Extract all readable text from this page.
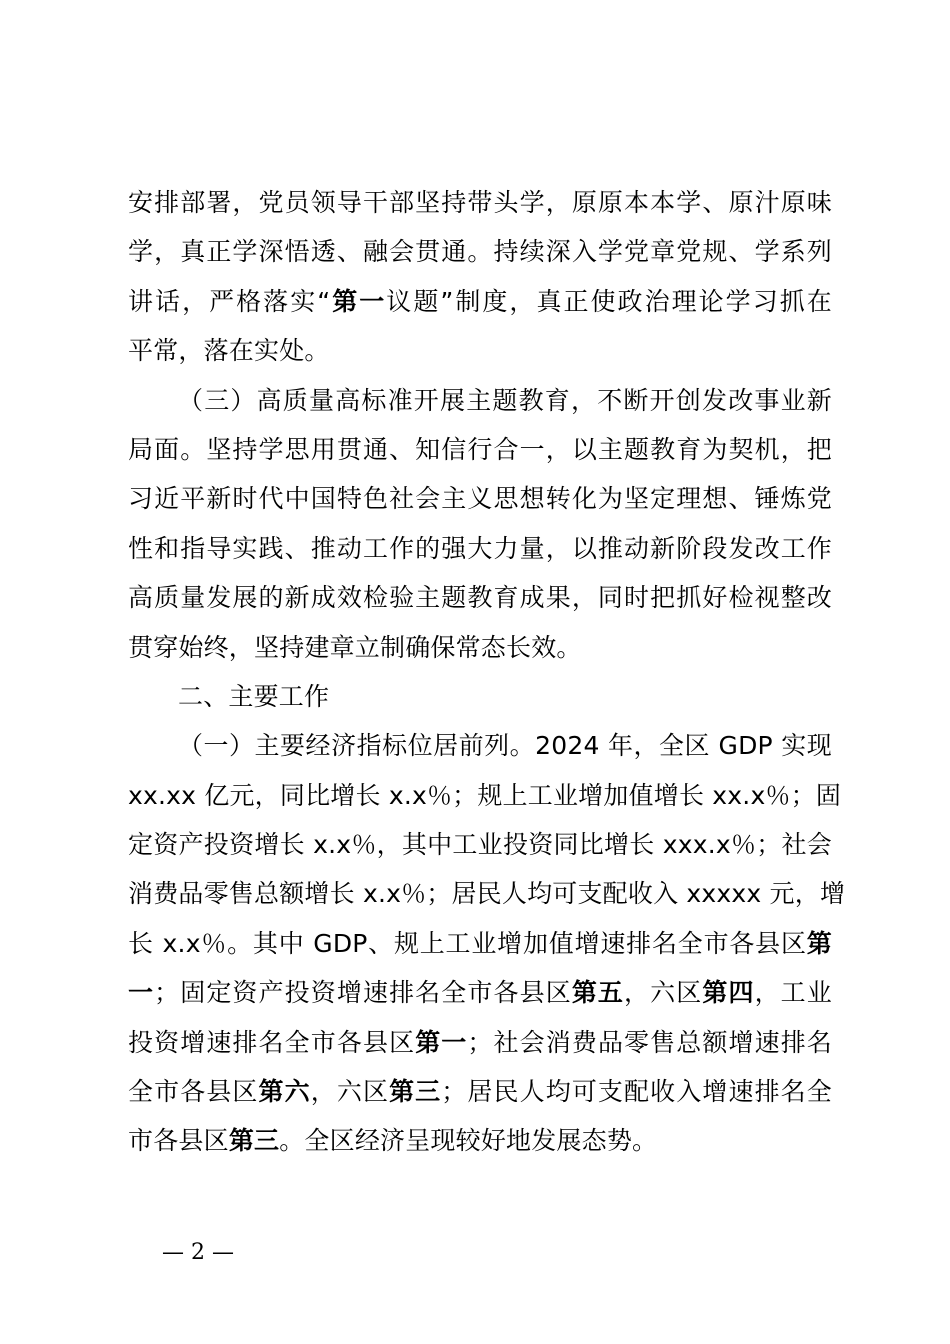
安排部署，党员领导干部坚持带头学，原原本本学、原汁原味
学，真正学深悟透、融会贯通。持续深入学党章党规、学系列
讲话，严格落实“第一议题”制度，真正使政治理论学习抓在
平常，落在实处。
（三）高质量高标准开展主题教育，不断开创发改事业新
局面。坚持学思用贯通、知信行合一，以主题教育为契机，把
习近平新时代中国特色社会主义思想转化为坚定理想、锤炼党
性和指导实践、推动工作的强大力量，以推动新阶段发改工作
高质量发展的新成效检验主题教育成果，同时把抓好检视整改
贯穿始终，坚持建章立制确保常态长效。
二、主要工作
（一）主要经济指标位居前列。2024 年，全区 GDP 实现
xx.xx 亿元，同比增长 x.x％；规上工业增加值增长 xx.x％；固
定资产投资增长 x.x％，其中工业投资同比增长 xxx.x％；社会
消费品零售总额增长 x.x％；居民人均可支配收入 xxxxx 元，增
长 x.x％。其中 GDP、规上工业增加值增速排名全市各县区第
一；固定资产投资增速排名全市各县区第五，六区第四，工业
投资增速排名全市各县区第一；社会消费品零售总额增速排名
全市各县区第六，六区第三；居民人均可支配收入增速排名全
市各县区第三。全区经济呈现较好地发展态势。
— 2 —
